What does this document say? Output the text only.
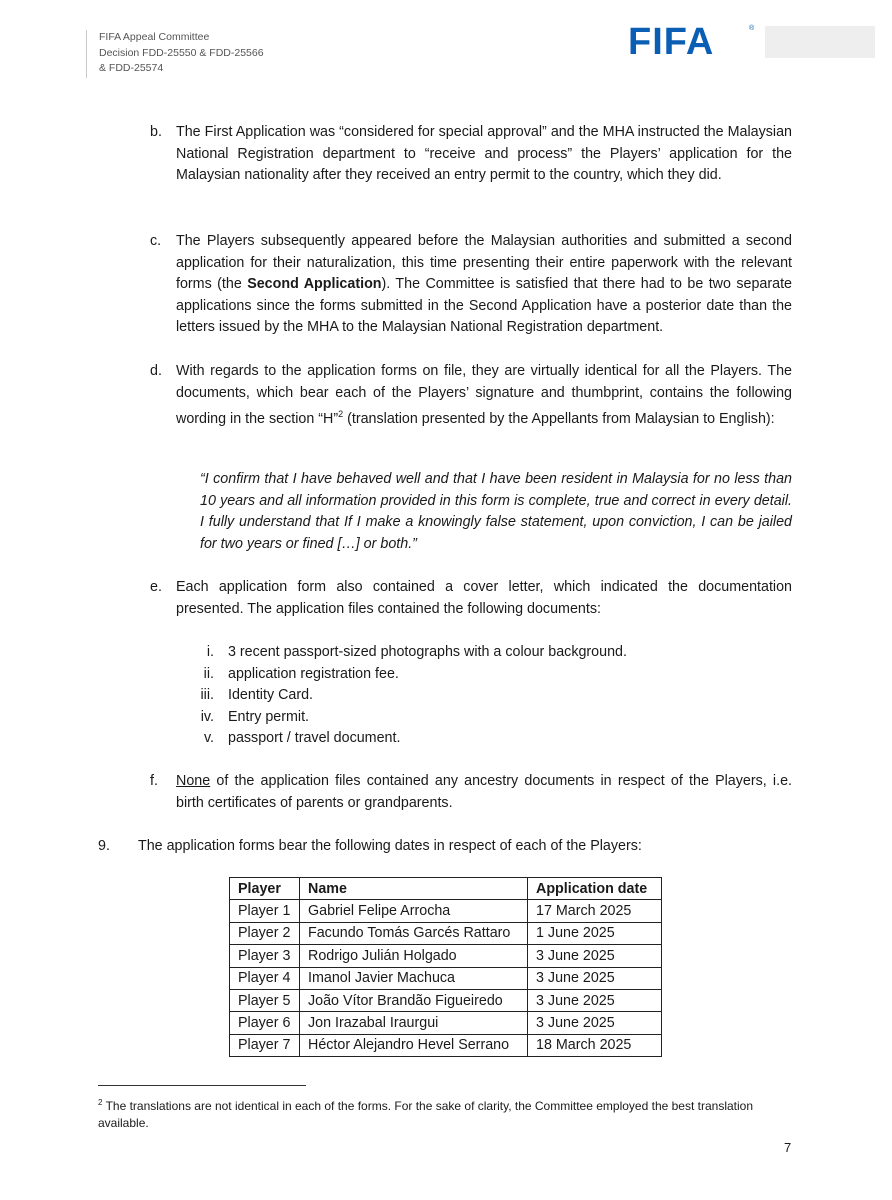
FIFA Appeal Committee
Decision FDD-25550 & FDD-25566
& FDD-25574
FIFA	®
b. The First Application was “considered for special approval” and the MHA instructed the Malaysian National Registration department to “receive and process” the Players’ application for the Malaysian nationality after they received an entry permit to the country, which they did.
c. The Players subsequently appeared before the Malaysian authorities and submitted a second application for their naturalization, this time presenting their entire paperwork with the relevant forms (the Second Application). The Committee is satisfied that there had to be two separate applications since the forms submitted in the Second Application have a posterior date than the letters issued by the MHA to the Malaysian National Registration department.
d. With regards to the application forms on file, they are virtually identical for all the Players. The documents, which bear each of the Players’ signature and thumbprint, contains the following wording in the section “H”$^2$ (translation presented by the Appellants from Malaysian to English):
“I confirm that I have behaved well and that I have been resident in Malaysia for no less than 10 years and all information provided in this form is complete, true and correct in every detail. I fully understand that If I make a knowingly false statement, upon conviction, I can be jailed for two years or fined […] or both.”
e. Each application form also contained a cover letter, which indicated the documentation presented. The application files contained the following documents:
i. 3 recent passport-sized photographs with a colour background.
ii. application registration fee.
iii. Identity Card.
iv. Entry permit.
v. passport / travel document.
f. None of the application files contained any ancestry documents in respect of the Players, i.e. birth certificates of parents or grandparents.
9. The application forms bear the following dates in respect of each of the Players:
Player	Name	Application date
Player 1	Gabriel Felipe Arrocha	17 March 2025
Player 2	Facundo Tomás Garcés Rattaro	1 June 2025
Player 3	Rodrigo Julián Holgado	3 June 2025
Player 4	Imanol Javier Machuca	3 June 2025
Player 5	João Vítor Brandão Figueiredo	3 June 2025
Player 6	Jon Irazabal Iraurgui	3 June 2025
Player 7	Héctor Alejandro Hevel Serrano	18 March 2025
$^2$ The translations are not identical in each of the forms. For the sake of clarity, the Committee employed the best translation available.
7
